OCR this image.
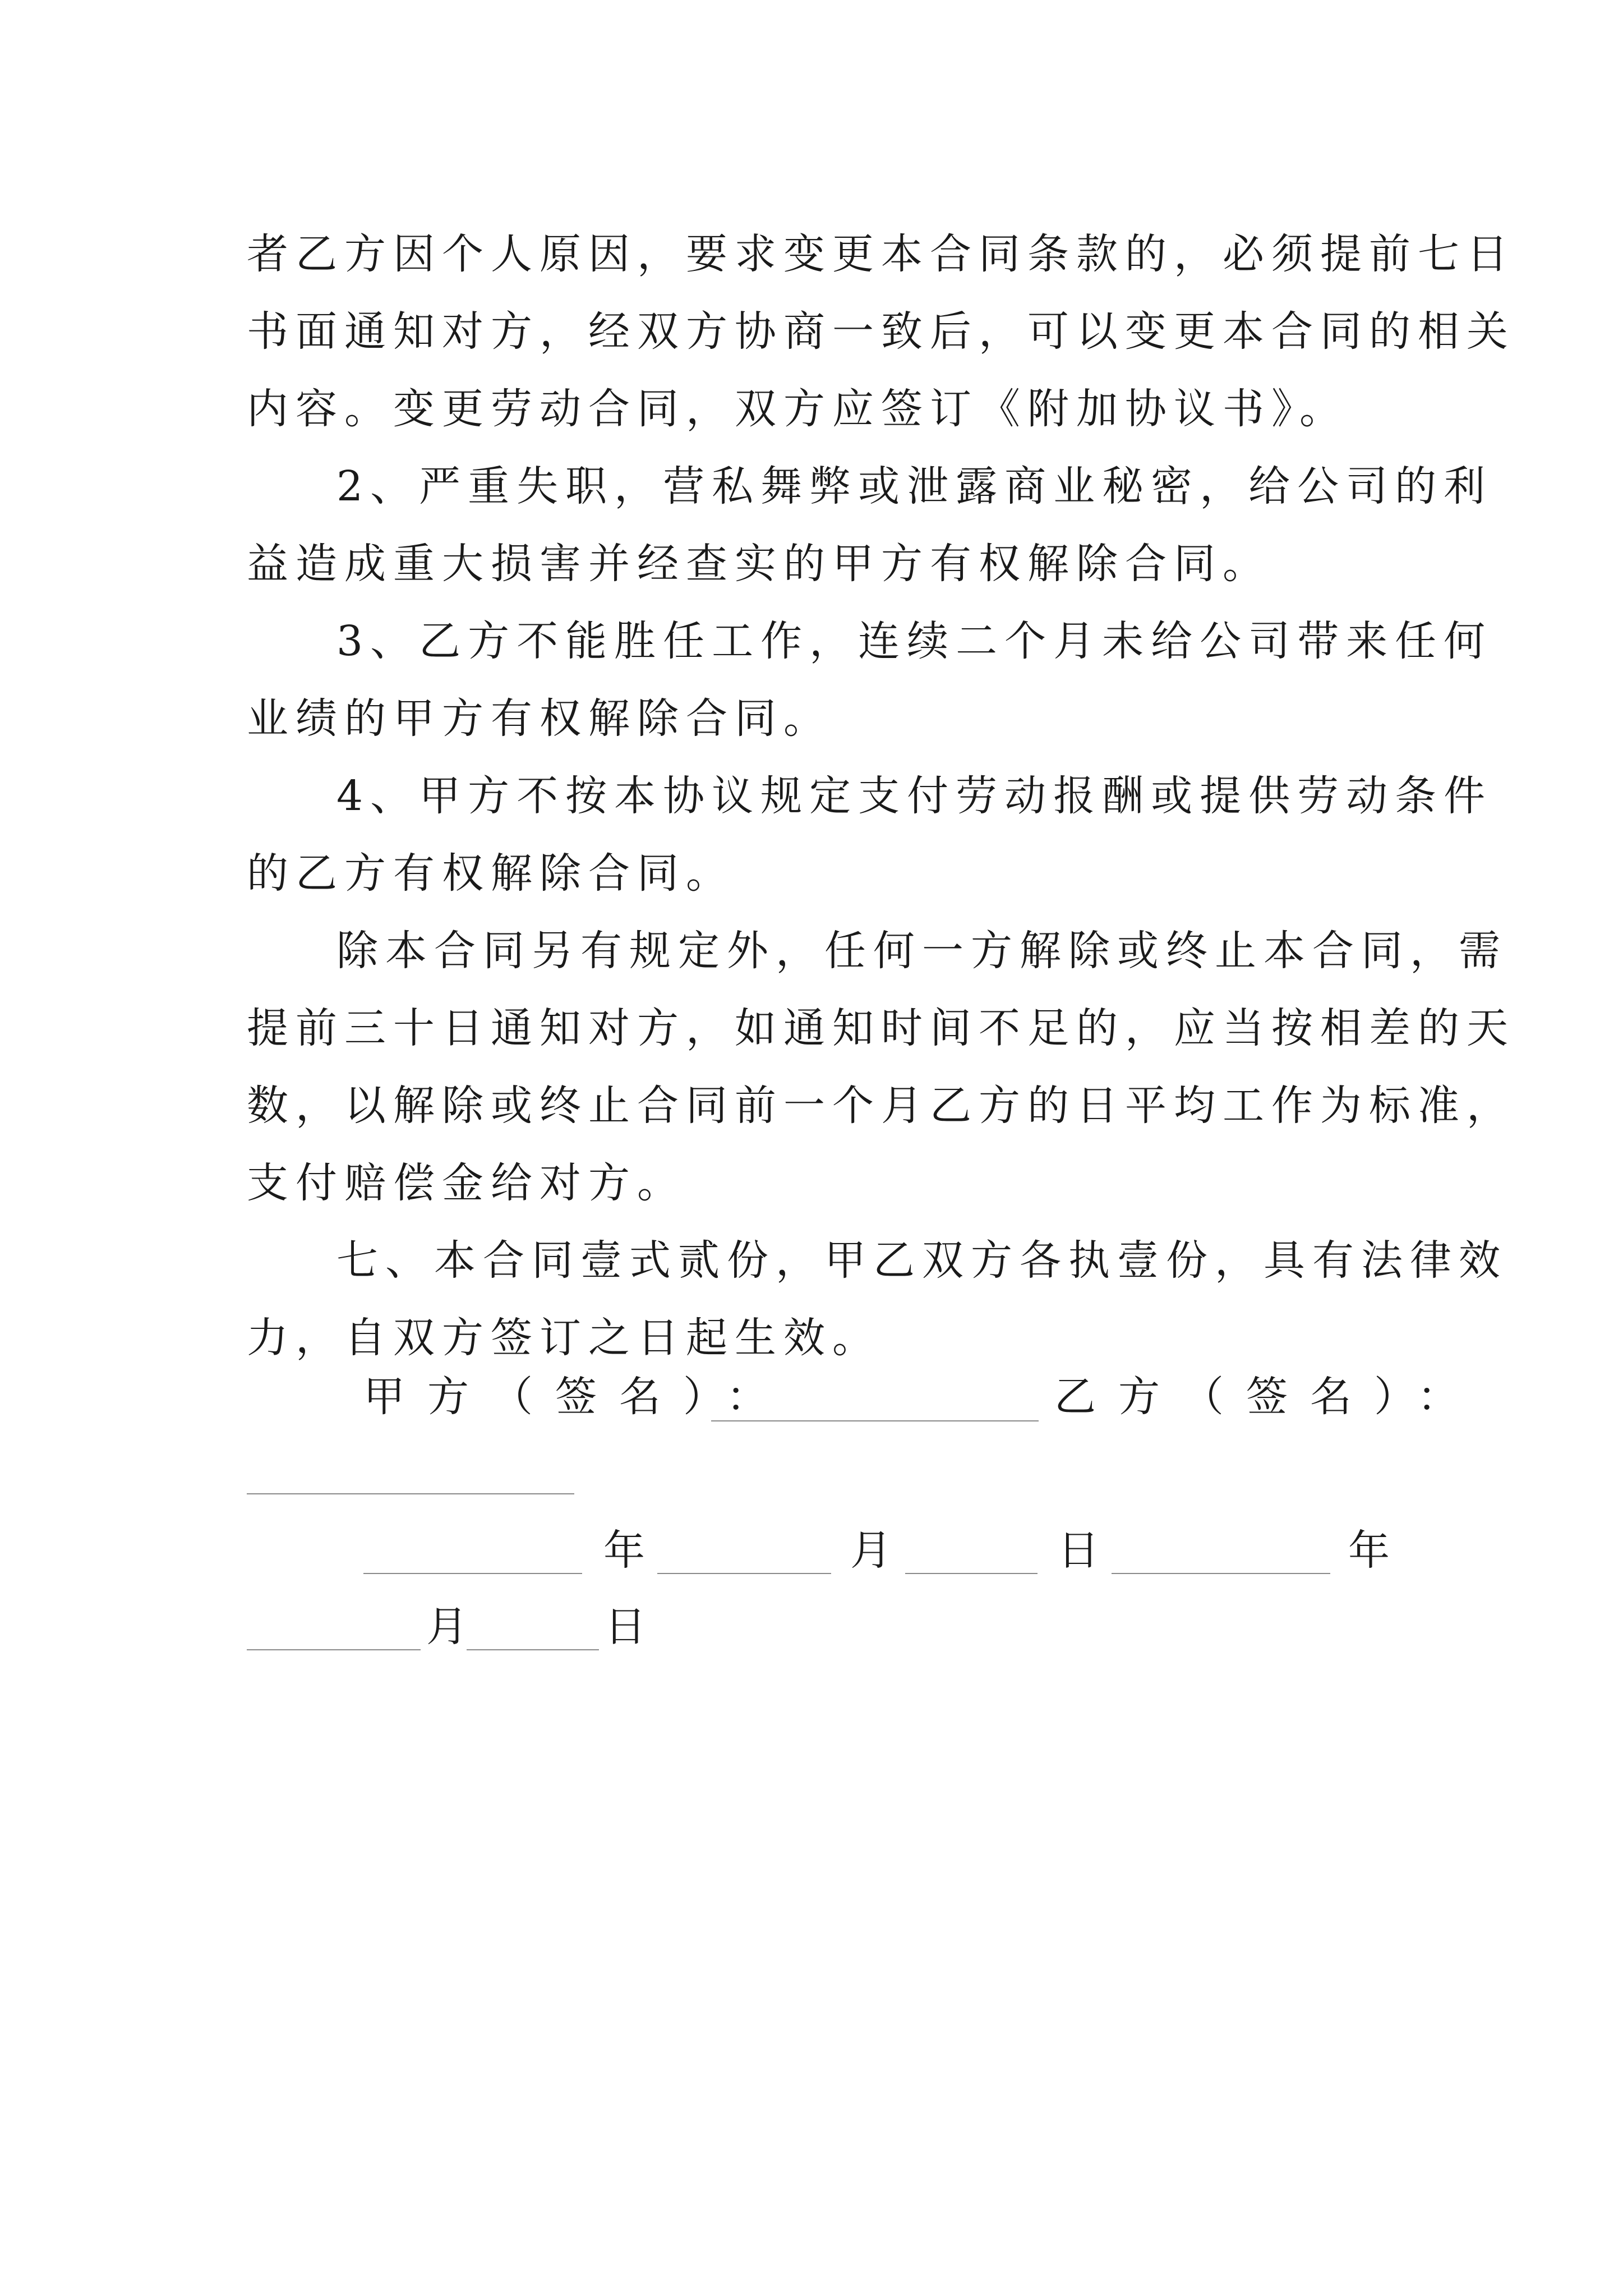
者乙方因个人原因，要求变更本合同条款的，必须提前七日
书面通知对方，经双方协商一致后，可以变更本合同的相关
内容。变更劳动合同，双方应签订《附加协议书》。
2、严重失职，营私舞弊或泄露商业秘密，给公司的利
益造成重大损害并经查实的甲方有权解除合同。
3、乙方不能胜任工作，连续二个月未给公司带来任何
业绩的甲方有权解除合同。
4、甲方不按本协议规定支付劳动报酬或提供劳动条件
的乙方有权解除合同。
除本合同另有规定外，任何一方解除或终止本合同，需
提前三十日通知对方，如通知时间不足的，应当按相差的天
数，以解除或终止合同前一个月乙方的日平均工作为标准，
支付赔偿金给对方。
七、本合同壹式贰份，甲乙双方各执壹份，具有法律效
力，自双方签订之日起生效。
甲方（签名）：	乙方（签名）：
年	月	日	年
月	日
